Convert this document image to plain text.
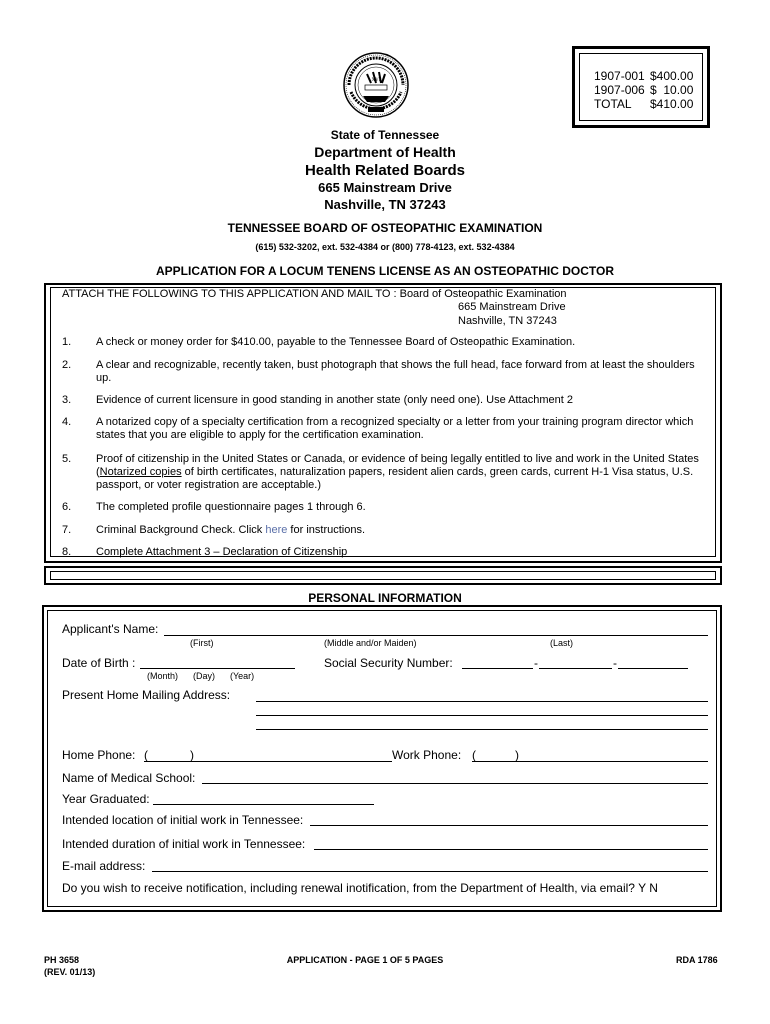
1907-001 $400.00
1907-006 $  10.00
TOTAL $410.00
XVI
State of Tennessee
Department of Health
Health Related Boards
665 Mainstream Drive
Nashville, TN 37243
TENNESSEE BOARD OF OSTEOPATHIC EXAMINATION
(615) 532-3202, ext. 532-4384 or (800) 778-4123, ext. 532-4384
APPLICATION FOR A LOCUM TENENS LICENSE AS AN OSTEOPATHIC DOCTOR
ATTACH THE FOLLOWING TO THIS APPLICATION AND MAIL TO : Board of Osteopathic Examination
665 Mainstream Drive
Nashville, TN 37243
1. A check or money order for $410.00, payable to the Tennessee Board of Osteopathic Examination.
2. A clear and recognizable, recently taken, bust photograph that shows the full head, face forward from at least the shoulders up.
3. Evidence of current licensure in good standing in another state (only need one). Use Attachment 2
4. A notarized copy of a specialty certification from a recognized specialty or a letter from your training program director which states that you are eligible to apply for the certification examination.
5. Proof of citizenship in the United States or Canada, or evidence of being legally entitled to live and work in the United States (Notarized copies of birth certificates, naturalization papers, resident alien cards, green cards, current H-1 Visa status, U.S. passport, or voter registration are acceptable.)
6. The completed profile questionnaire pages 1 through 6.
7. Criminal Background Check. Click here for instructions.
8. Complete Attachment 3 – Declaration of Citizenship
PERSONAL INFORMATION
Applicant's Name:
(First)	(Middle and/or Maiden)	(Last)
Date of Birth :
(Month) (Day) (Year)
Social Security Number:	-	-
Present Home Mailing Address:
Home Phone: (	)	Work Phone: (	)
Name of Medical School:
Year Graduated:
Intended location of initial work in Tennessee:
Intended duration of initial work in Tennessee:
E-mail address:
Do you wish to receive notification, including renewal inotification, from the Department of Health, via email? Y N
PH 3658
(REV. 01/13)
APPLICATION - PAGE 1 OF 5 PAGES	RDA 1786
